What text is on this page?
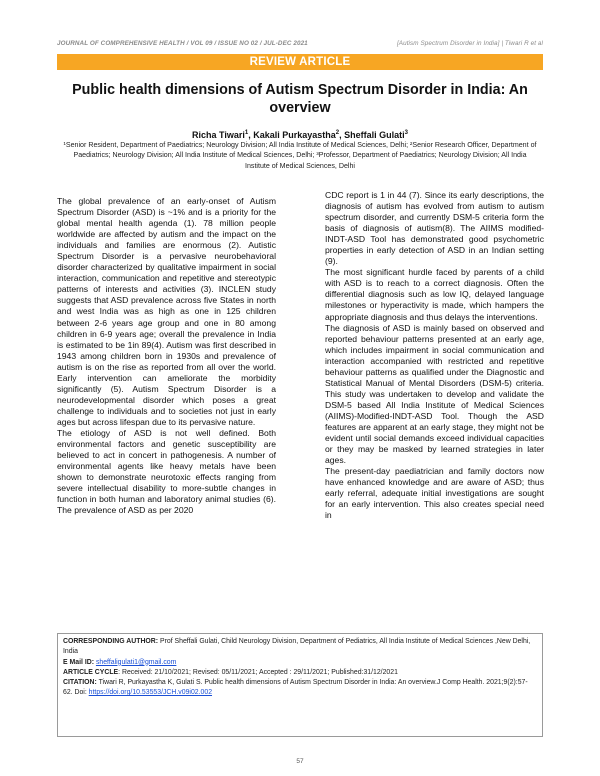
JOURNAL OF COMPREHENSIVE HEALTH / VOL 09 / ISSUE NO 02 / JUL-DEC 2021	[Autism Spectrum Disorder in India] | Tiwari R et al
REVIEW ARTICLE
Public health dimensions of Autism Spectrum Disorder in India: An overview
Richa Tiwari$^1$, Kakali Purkayastha$^2$, Sheffali Gulati$^3$
¹Senior Resident, Department of Paediatrics; Neurology Division; All India Institute of Medical Sciences, Delhi; ²Senior Research Officer, Department of Paediatrics; Neurology Division; All India Institute of Medical Sciences, Delhi; ³Professor, Department of Paediatrics; Neurology Division; All India Institute of Medical Sciences, Delhi

The global prevalence of an early-onset of Autism Spectrum Disorder (ASD) is ~1% and is a priority for the global mental health agenda (1). 78 million people worldwide are affected by autism and the impact on the individuals and families are enormous (2). Autistic Spectrum Disorder is a pervasive neurobehavioral disorder characterized by qualitative impairment in social interaction, communication and repetitive and stereotypic patterns of interests and activities (3). INCLEN study suggests that ASD prevalence across five States in north and west India was as high as one in 125 children between 2-6 years age group and one in 80 among children in 6-9 years age; overall the prevalence in India is estimated to be 1in 89(4). Autism was first described in 1943 among children born in 1930s and prevalence of autism is on the rise as reported from all over the world. Early intervention can ameliorate the morbidity significantly (5). Autism Spectrum Disorder is a neurodevelopmental disorder which poses a great challenge to individuals and to societies not just in early ages but across lifespan due to its pervasive nature.

The etiology of ASD is not well defined. Both environmental factors and genetic susceptibility are believed to act in concert in pathogenesis. A number of environmental agents like heavy metals have been shown to demonstrate neurotoxic effects ranging from severe intellectual disability to more-subtle changes in function in both human and laboratory animal studies (6). The prevalence of ASD as per 2020

CDC report is 1 in 44 (7). Since its early descriptions, the diagnosis of autism has evolved from autism to autism spectrum disorder, and currently DSM-5 criteria form the basis of diagnosis of autism(8). The AIIMS modified-INDT-ASD Tool has demonstrated good psychometric properties in early detection of ASD in an Indian setting (9).

The most significant hurdle faced by parents of a child with ASD is to reach to a correct diagnosis. Often the differential diagnosis such as low IQ, delayed language milestones or hyperactivity is made, which hampers the appropriate diagnosis and thus delays the interventions.

The diagnosis of ASD is mainly based on observed and reported behaviour patterns presented at an early age, which includes impairment in social communication and interaction accompanied with restricted and repetitive behaviour patterns as qualified under the Diagnostic and Statistical Manual of Mental Disorders (DSM-5) criteria. This study was undertaken to develop and validate the DSM-5 based All India Institute of Medical Sciences (AIIMS)-Modified-INDT-ASD Tool. Though the ASD features are apparent at an early stage, they might not be evident until social demands exceed individual capacities or they may be masked by learned strategies in later ages.

The present-day paediatrician and family doctors now have enhanced knowledge and are aware of ASD; thus early referral, adequate initial investigations are sought for an early intervention. This also creates special need in

CORRESPONDING AUTHOR: Prof Sheffali Gulati, Child Neurology Division, Department of Pediatrics, All India Institute of Medical Sciences ,New Delhi, India
E Mail ID: sheffaligulati1@gmail.com
ARTICLE CYCLE: Received: 21/10/2021; Revised: 05/11/2021; Accepted : 29/11/2021; Published:31/12/2021
CITATION: Tiwari R, Purkayastha K, Gulati S. Public health dimensions of Autism Spectrum Disorder in India: An overview.J Comp Health. 2021;9(2):57-62. Doi: https://doi.org/10.53553/JCH.v09i02.002
57
